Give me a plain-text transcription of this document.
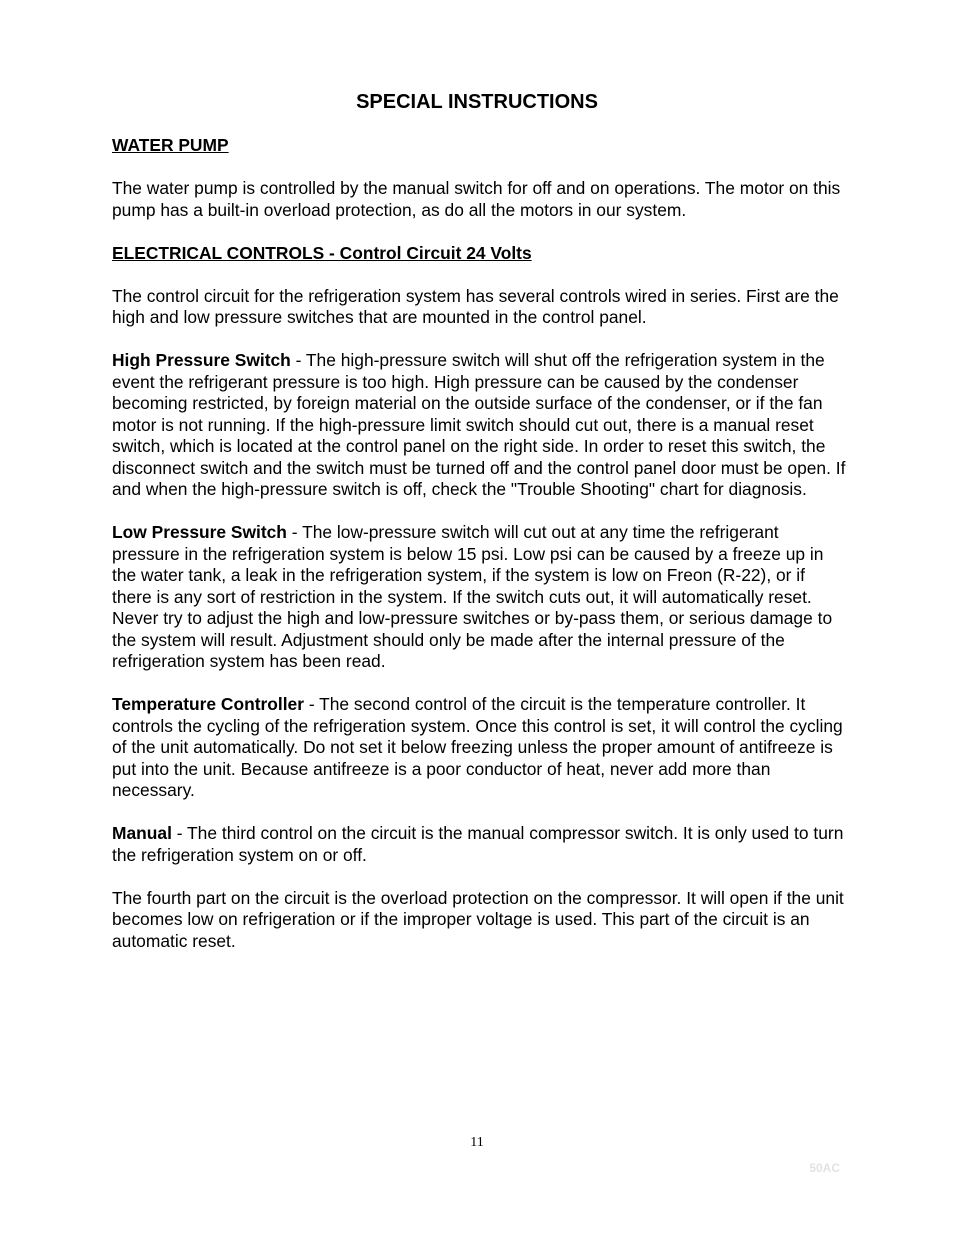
SPECIAL INSTRUCTIONS

WATER PUMP

The water pump is controlled by the manual switch for off and on operations. The motor on this pump has a built-in overload protection, as do all the motors in our system.

ELECTRICAL CONTROLS - Control Circuit 24 Volts

The control circuit for the refrigeration system has several controls wired in series. First are the high and low pressure switches that are mounted in the control panel.

High Pressure Switch - The high-pressure switch will shut off the refrigeration system in the event the refrigerant pressure is too high. High pressure can be caused by the condenser becoming restricted, by foreign material on the outside surface of the condenser, or if the fan motor is not running. If the high-pressure limit switch should cut out, there is a manual reset switch, which is located at the control panel on the right side. In order to reset this switch, the disconnect switch and the switch must be turned off and the control panel door must be open. If and when the high-pressure switch is off, check the "Trouble Shooting" chart for diagnosis.

Low Pressure Switch - The low-pressure switch will cut out at any time the refrigerant pressure in the refrigeration system is below 15 psi. Low psi can be caused by a freeze up in the water tank, a leak in the refrigeration system, if the system is low on Freon (R-22), or if there is any sort of restriction in the system. If the switch cuts out, it will automatically reset. Never try to adjust the high and low-pressure switches or by-pass them, or serious damage to the system will result. Adjustment should only be made after the internal pressure of the refrigeration system has been read.

Temperature Controller - The second control of the circuit is the temperature controller. It controls the cycling of the refrigeration system. Once this control is set, it will control the cycling of the unit automatically. Do not set it below freezing unless the proper amount of antifreeze is put into the unit. Because antifreeze is a poor conductor of heat, never add more than necessary.

Manual - The third control on the circuit is the manual compressor switch. It is only used to turn the refrigeration system on or off.

The fourth part on the circuit is the overload protection on the compressor. It will open if the unit becomes low on refrigeration or if the improper voltage is used. This part of the circuit is an automatic reset.

11
50AC
